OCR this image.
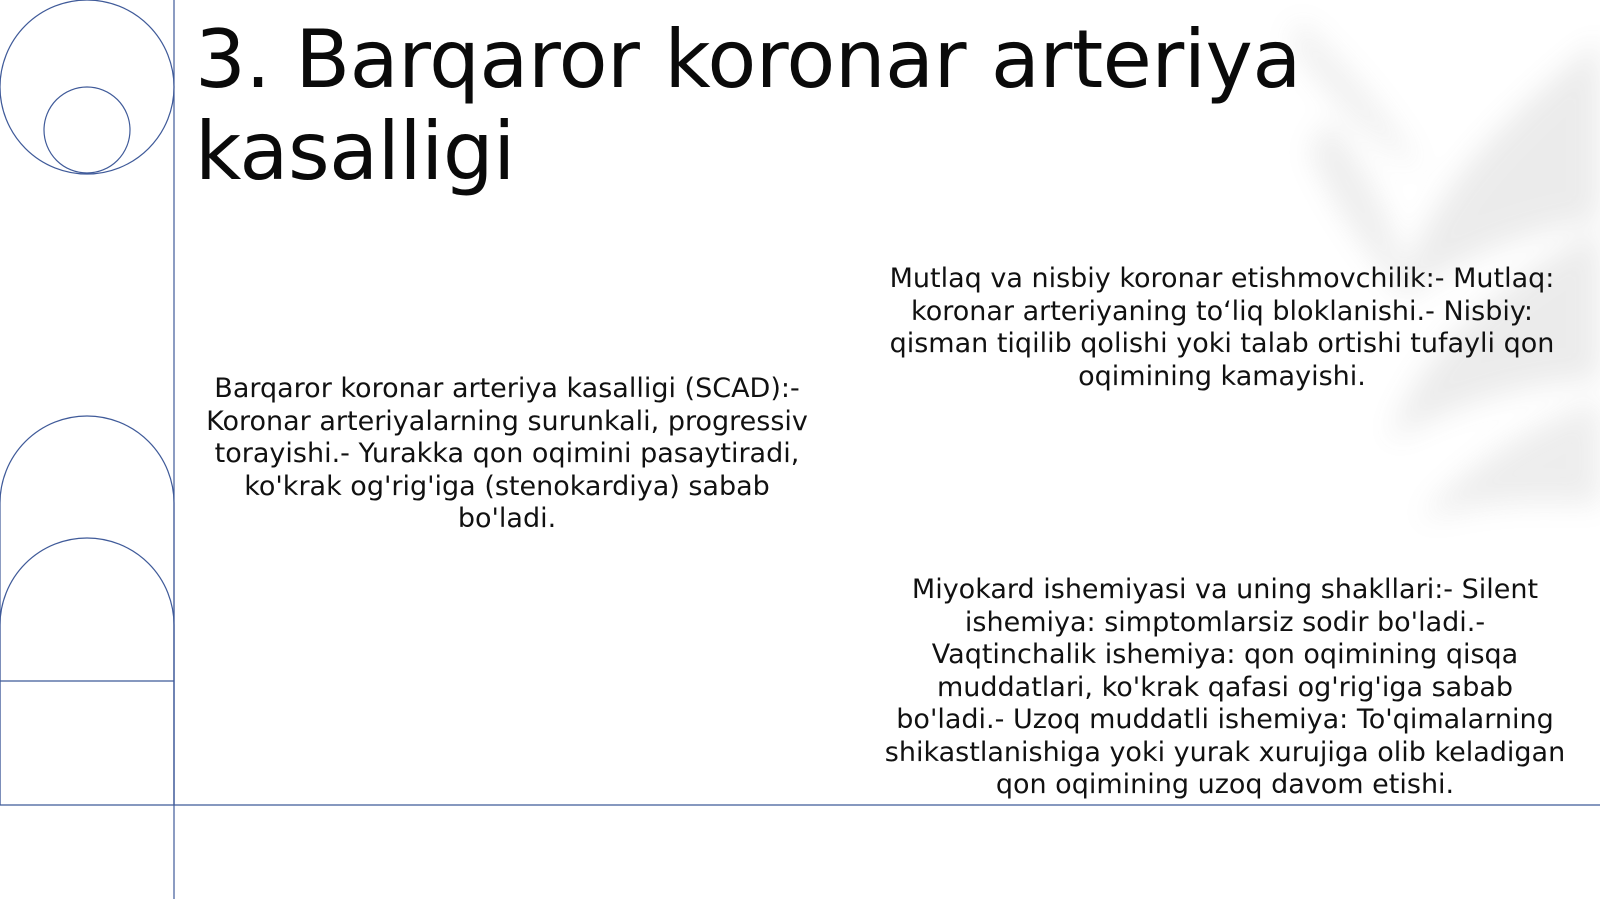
3. Barqaror koronar arteriya kasalligi

Barqaror koronar arteriya kasalligi (SCAD):- Koronar arteriyalarning surunkali, progressiv torayishi.- Yurakka qon oqimini pasaytiradi, ko'krak og'rig'iga (stenokardiya) sabab bo'ladi.

Mutlaq va nisbiy koronar etishmovchilik:- Mutlaq: koronar arteriyaning to‘liq bloklanishi.- Nisbiy: qisman tiqilib qolishi yoki talab ortishi tufayli qon oqimining kamayishi.

Miyokard ishemiyasi va uning shakllari:- Silent ishemiya: simptomlarsiz sodir bo'ladi.- Vaqtinchalik ishemiya: qon oqimining qisqa muddatlari, ko'krak qafasi og'rig'iga sabab bo'ladi.- Uzoq muddatli ishemiya: To'qimalarning shikastlanishiga yoki yurak xurujiga olib keladigan qon oqimining uzoq davom etishi.
